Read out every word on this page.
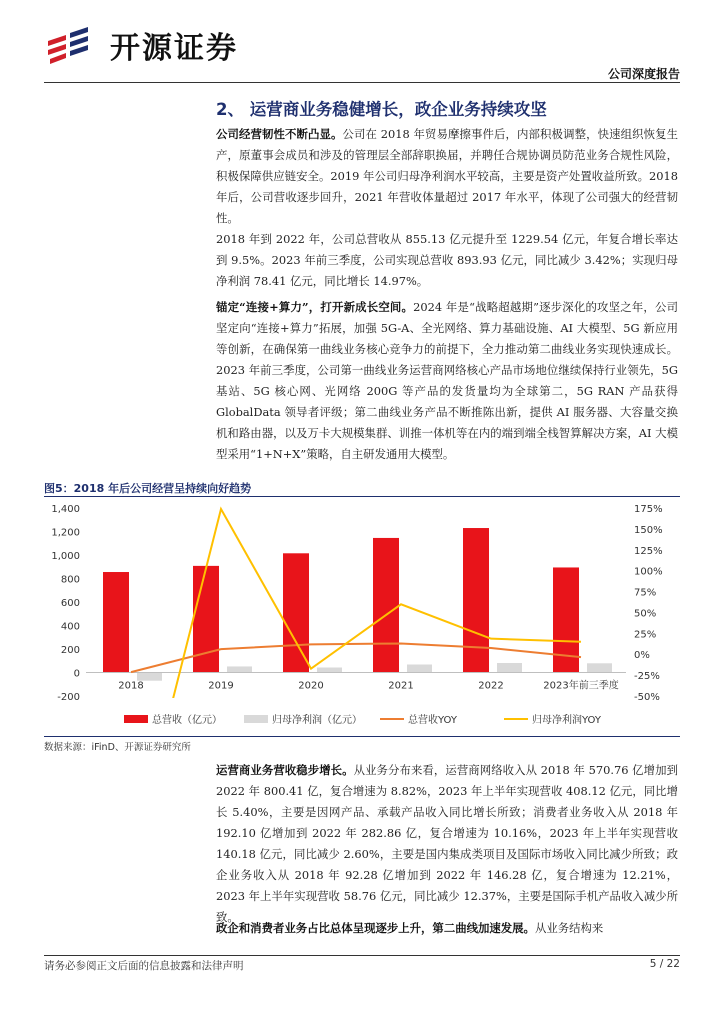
开源证券
公司深度报告
2、 运营商业务稳健增长，政企业务持续攻坚
公司经营韧性不断凸显。公司在 2018 年贸易摩擦事件后，内部积极调整，快速组织恢复生产，原董事会成员和涉及的管理层全部辞职换届，并聘任合规协调员防范业务合规性风险，积极保障供应链安全。2019 年公司归母净利润水平较高，主要是资产处置收益所致。2018 年后，公司营收逐步回升，2021 年营收体量超过 2017 年水平，体现了公司强大的经营韧性。
2018 年到 2022 年，公司总营收从 855.13 亿元提升至 1229.54 亿元，年复合增长率达到 9.5%。2023 年前三季度，公司实现总营收 893.93 亿元，同比减少 3.42%；实现归母净利润 78.41 亿元，同比增长 14.97%。
锚定“连接+算力”，打开新成长空间。2024 年是“战略超越期”逐步深化的攻坚之年，公司坚定向“连接+算力”拓展，加强 5G-A、全光网络、算力基础设施、AI 大模型、5G 新应用等创新，在确保第一曲线业务核心竞争力的前提下，全力推动第二曲线业务实现快速成长。2023 年前三季度，公司第一曲线业务运营商网络核心产品市场地位继续保持行业领先，5G 基站、5G 核心网、光网络 200G 等产品的发货量均为全球第二，5G RAN 产品获得 GlobalData 领导者评级；第二曲线业务产品不断推陈出新，提供 AI 服务器、大容量交换机和路由器，以及万卡大规模集群、训推一体机等在内的端到端全栈智算解决方案，AI 大模型采用“1+N+X”策略，自主研发通用大模型。
图5：2018 年后公司经营呈持续向好趋势
-200
0
200
400
600
800
1,000
1,200
1,400
-50%
-25%
0%
25%
50%
75%
100%
125%
150%
175%
2018	2019	2020	2021	2022	2023年前三季度
总营收（亿元）	归母净利润（亿元）	总营收YOY	归母净利润YOY
数据来源：iFinD、开源证券研究所
运营商业务营收稳步增长。从业务分布来看，运营商网络收入从 2018 年 570.76 亿增加到 2022 年 800.41 亿，复合增速为 8.82%，2023 年上半年实现营收 408.12 亿元，同比增长 5.40%，主要是因网产品、承载产品收入同比增长所致；消费者业务收入从 2018 年 192.10 亿增加到 2022 年 282.86 亿，复合增速为 10.16%，2023 年上半年实现营收 140.18 亿元，同比减少 2.60%，主要是国内集成类项目及国际市场收入同比减少所致；政企业务收入从 2018 年 92.28 亿增加到 2022 年 146.28 亿，复合增速为 12.21%，2023 年上半年实现营收 58.76 亿元，同比减少 12.37%，主要是国际手机产品收入减少所致。
政企和消费者业务占比总体呈现逐步上升，第二曲线加速发展。从业务结构来
请务必参阅正文后面的信息披露和法律声明	5 / 22
